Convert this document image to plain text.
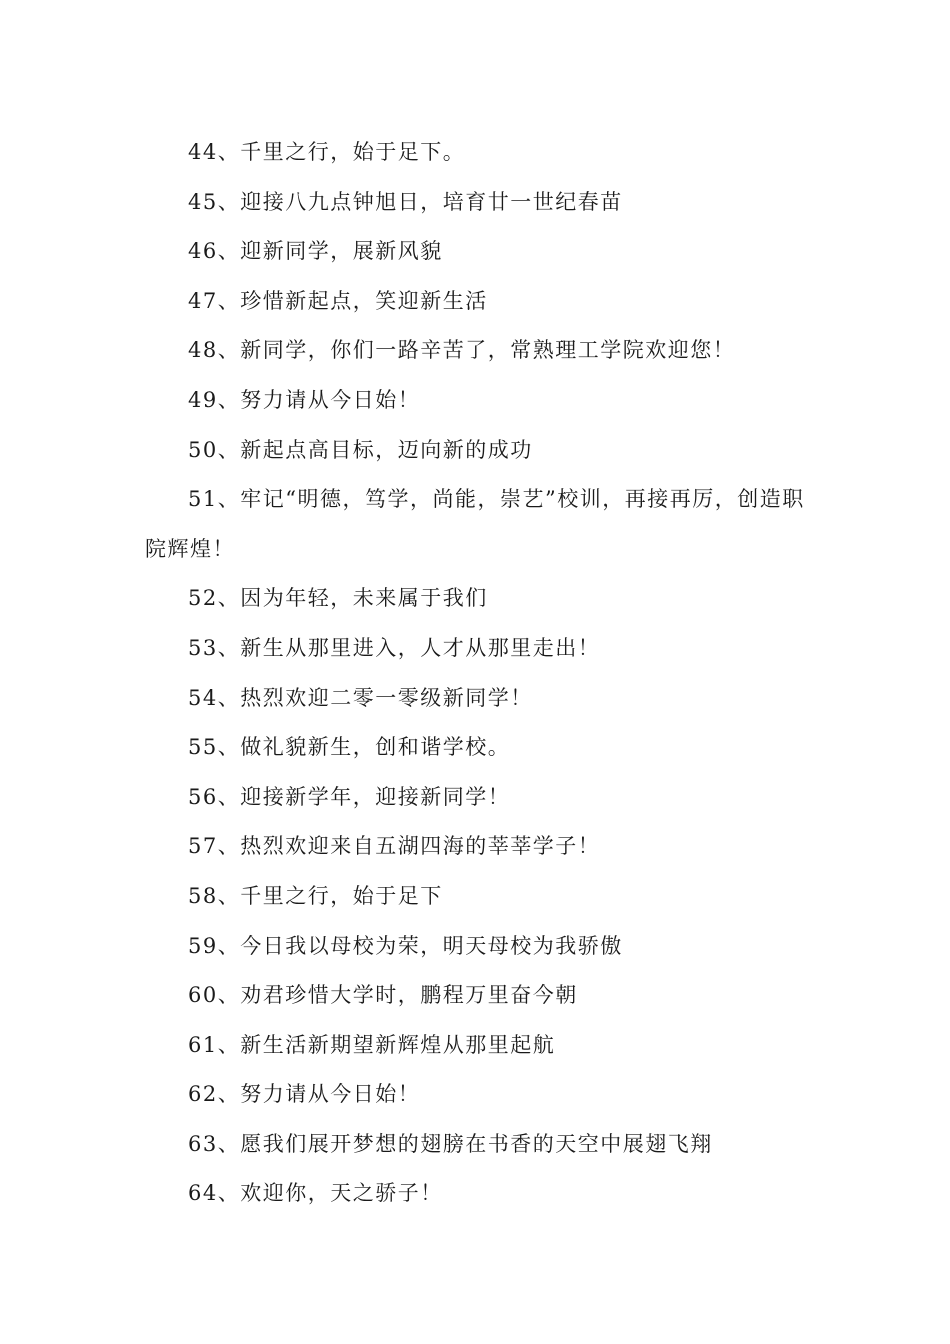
44、千里之行，始于足下。
45、迎接八九点钟旭日，培育廿一世纪春苗
46、迎新同学，展新风貌
47、珍惜新起点，笑迎新生活
48、新同学，你们一路辛苦了，常熟理工学院欢迎您！
49、努力请从今日始！
50、新起点高目标，迈向新的成功
51、牢记“明德，笃学，尚能，崇艺”校训，再接再厉，创造职院辉煌！
52、因为年轻，未来属于我们
53、新生从那里进入，人才从那里走出！
54、热烈欢迎二零一零级新同学！
55、做礼貌新生，创和谐学校。
56、迎接新学年，迎接新同学！
57、热烈欢迎来自五湖四海的莘莘学子！
58、千里之行，始于足下
59、今日我以母校为荣，明天母校为我骄傲
60、劝君珍惜大学时，鹏程万里奋今朝
61、新生活新期望新辉煌从那里起航
62、努力请从今日始！
63、愿我们展开梦想的翅膀在书香的天空中展翅飞翔
64、欢迎你，天之骄子！
